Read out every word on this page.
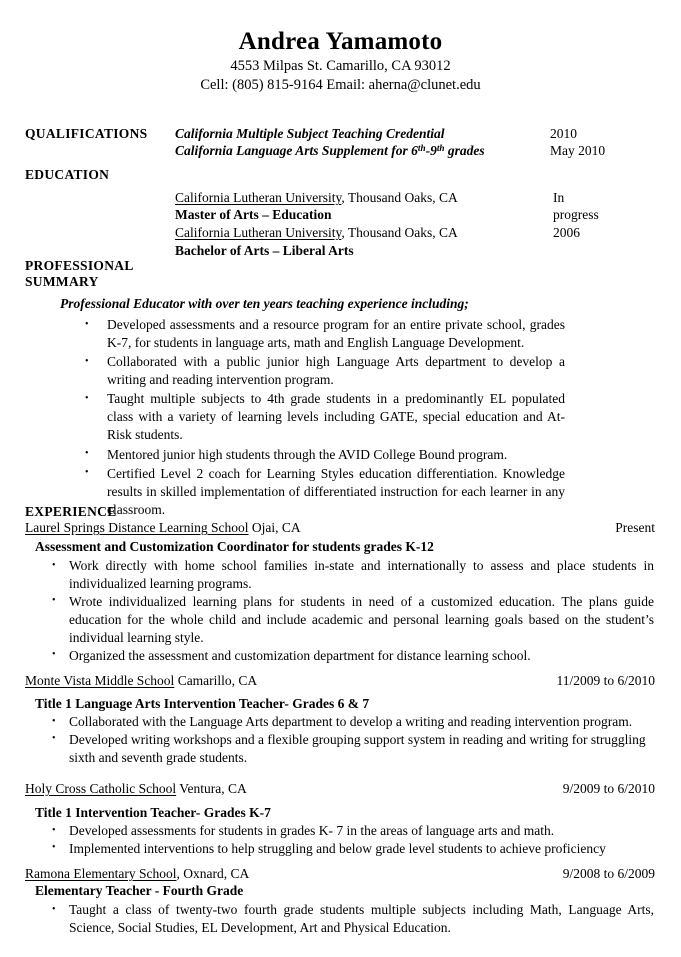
Andrea Yamamoto
4553 Milpas St. Camarillo, CA 93012
Cell: (805) 815-9164 Email: aherna@clunet.edu
QUALIFICATIONS California Multiple Subject Teaching Credential	2010
California Language Arts Supplement for 6th-9th grades	May 2010
EDUCATION
California Lutheran University, Thousand Oaks, CA	In progress
Master of Arts – Education
California Lutheran University, Thousand Oaks, CA	2006
Bachelor of Arts – Liberal Arts
PROFESSIONAL
SUMMARY
Professional Educator with over ten years teaching experience including;
• Developed assessments and a resource program for an entire private school, grades K-7, for students in language arts, math and English Language Development.
• Collaborated with a public junior high Language Arts department to develop a writing and reading intervention program.
• Taught multiple subjects to 4th grade students in a predominantly EL populated class with a variety of learning levels including GATE, special education and At-Risk students.
• Mentored junior high students through the AVID College Bound program.
• Certified Level 2 coach for Learning Styles education differentiation. Knowledge results in skilled implementation of differentiated instruction for each learner in any classroom.
EXPERIENCE
Laurel Springs Distance Learning School Ojai, CA	Present
Assessment and Customization Coordinator for students grades K-12
• Work directly with home school families in-state and internationally to assess and place students in individualized learning programs.
• Wrote individualized learning plans for students in need of a customized education. The plans guide education for the whole child and include academic and personal learning goals based on the student’s individual learning style.
• Organized the assessment and customization department for distance learning school.
Monte Vista Middle School Camarillo, CA	11/2009 to 6/2010
Title 1 Language Arts Intervention Teacher- Grades 6 & 7
• Collaborated with the Language Arts department to develop a writing and reading intervention program.
• Developed writing workshops and a flexible grouping support system in reading and writing for struggling sixth and seventh grade students.
Holy Cross Catholic School Ventura, CA	9/2009 to 6/2010
Title 1 Intervention Teacher- Grades K-7
• Developed assessments for students in grades K- 7 in the areas of language arts and math.
• Implemented interventions to help struggling and below grade level students to achieve proficiency
Ramona Elementary School, Oxnard, CA	9/2008 to 6/2009
Elementary Teacher - Fourth Grade
• Taught a class of twenty-two fourth grade students multiple subjects including Math, Language Arts, Science, Social Studies, EL Development, Art and Physical Education.
